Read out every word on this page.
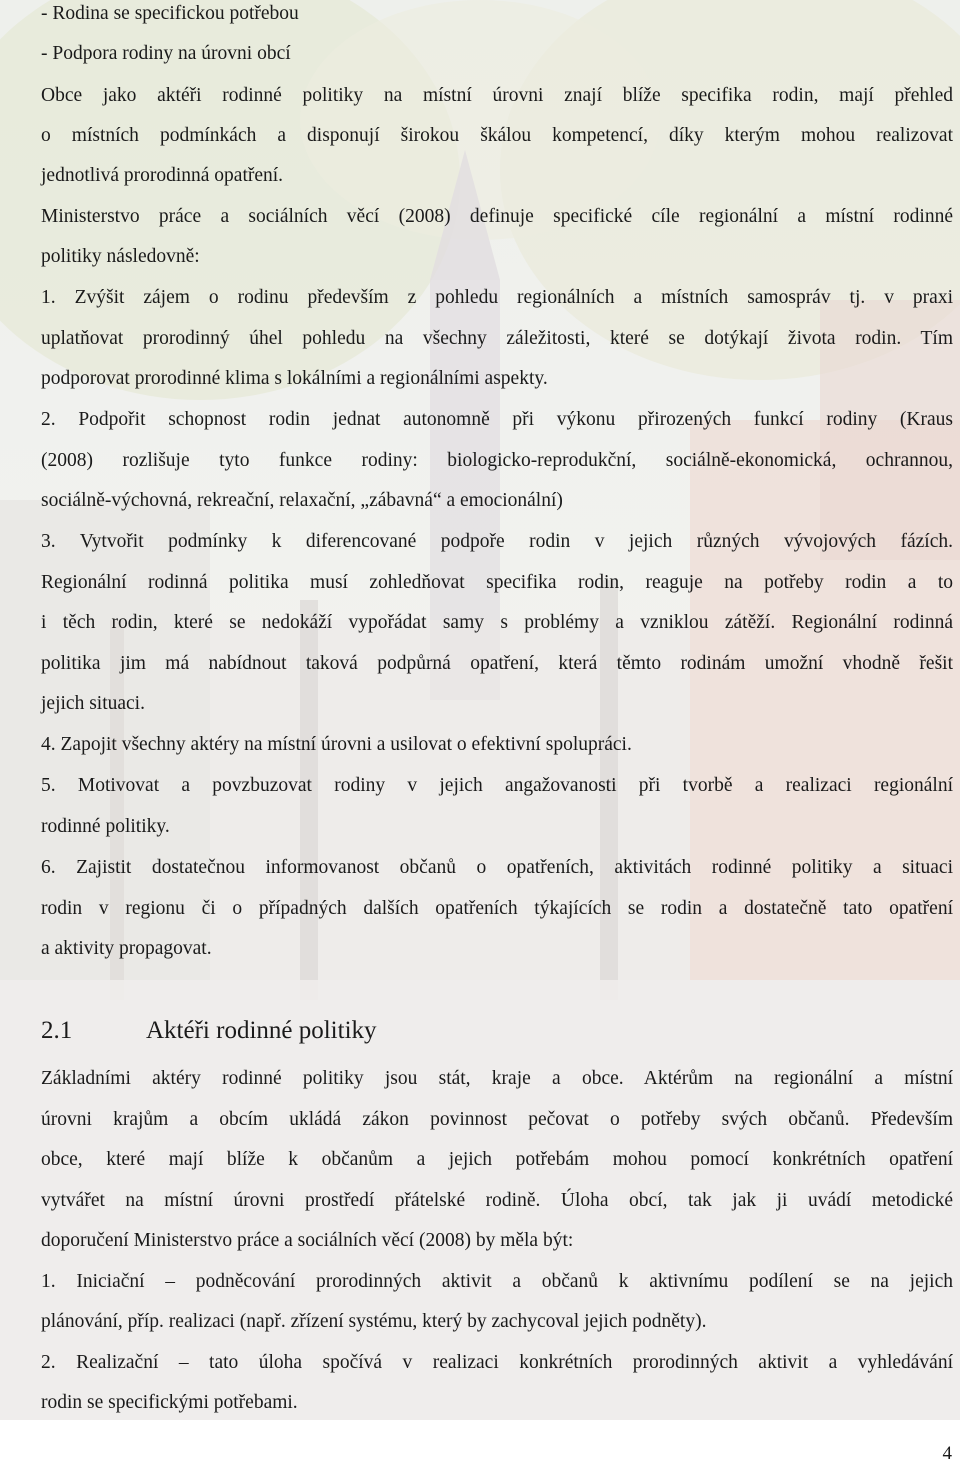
- Rodina se specifickou potřebou
- Podpora rodiny na úrovni obcí
Obce jako aktéři rodinné politiky na místní úrovni znají blíže specifika rodin, mají přehled
o místních podmínkách a disponují širokou škálou kompetencí, díky kterým mohou realizovat
jednotlivá prorodinná opatření.
Ministerstvo práce a sociálních věcí (2008) definuje specifické cíle regionální a místní rodinné
politiky následovně:
1. Zvýšit zájem o rodinu především z pohledu regionálních a místních samospráv tj. v praxi
uplatňovat prorodinný úhel pohledu na všechny záležitosti, které se dotýkají života rodin. Tím
podporovat prorodinné klima s lokálními a regionálními aspekty.
2. Podpořit schopnost rodin jednat autonomně při výkonu přirozených funkcí rodiny (Kraus
(2008) rozlišuje tyto funkce rodiny: biologicko-reprodukční, sociálně-ekonomická, ochrannou,
sociálně-výchovná, rekreační, relaxační, „zábavná“ a emocionální)
3. Vytvořit podmínky k diferencované podpoře rodin v jejich různých vývojových fázích.
Regionální rodinná politika musí zohledňovat specifika rodin, reaguje na potřeby rodin a to
i těch rodin, které se nedokáží vypořádat samy s problémy a vzniklou zátěží. Regionální rodinná
politika jim má nabídnout taková podpůrná opatření, která těmto rodinám umožní vhodně řešit
jejich situaci.
4. Zapojit všechny aktéry na místní úrovni a usilovat o efektivní spolupráci.
5. Motivovat a povzbuzovat rodiny v jejich angažovanosti při tvorbě a realizaci regionální
rodinné politiky.
6. Zajistit dostatečnou informovanost občanů o opatřeních, aktivitách rodinné politiky a situaci
rodin v regionu či o případných dalších opatřeních týkajících se rodin a dostatečně tato opatření
a aktivity propagovat.
2.1	Aktéři rodinné politiky
Základními aktéry rodinné politiky jsou stát, kraje a obce. Aktérům na regionální a místní
úrovni krajům a obcím ukládá zákon povinnost pečovat o potřeby svých občanů. Především
obce, které mají blíže k občanům a jejich potřebám mohou pomocí konkrétních opatření
vytvářet na místní úrovni prostředí přátelské rodině. Úloha obcí, tak jak ji uvádí metodické
doporučení Ministerstvo práce a sociálních věcí (2008) by měla být:
1. Iniciační – podněcování prorodinných aktivit a občanů k aktivnímu podílení se na jejich
plánování, příp. realizaci (např. zřízení systému, který by zachycoval jejich podněty).
2. Realizační – tato úloha spočívá v realizaci konkrétních prorodinných aktivit a vyhledávání
rodin se specifickými potřebami.
4
